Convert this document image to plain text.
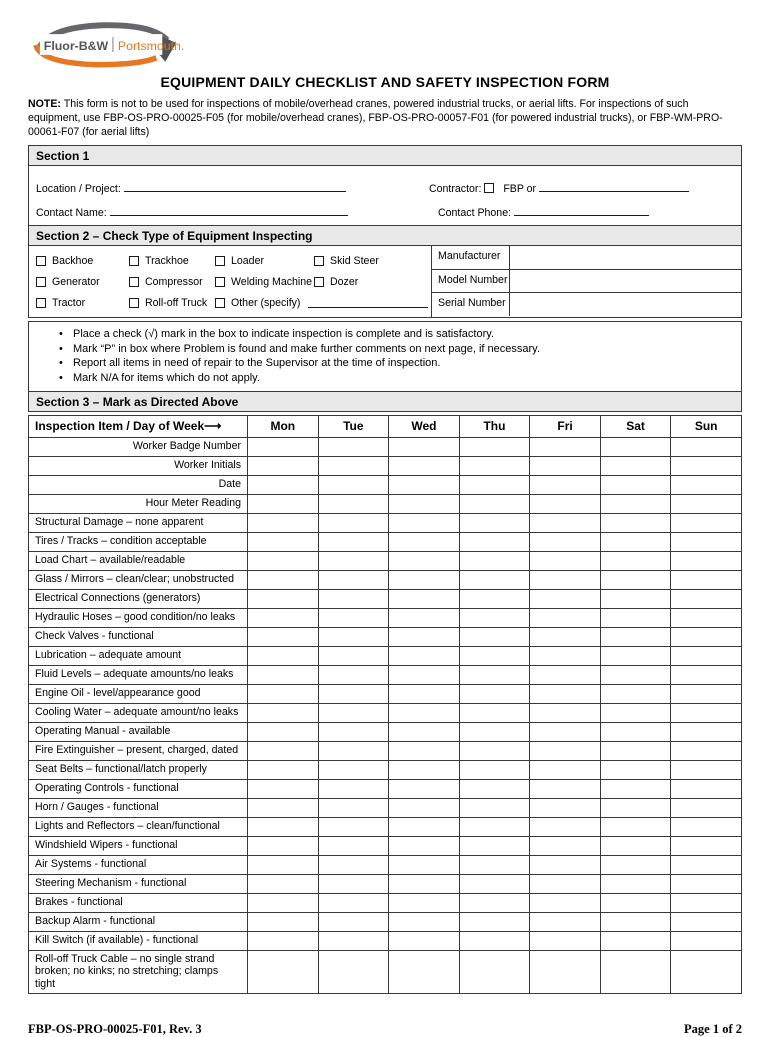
Fluor-B&W Portsmouth.
EQUIPMENT DAILY CHECKLIST AND SAFETY INSPECTION FORM
NOTE: This form is not to be used for inspections of mobile/overhead cranes, powered industrial trucks, or aerial lifts. For inspections of such equipment, use FBP-OS-PRO-00025-F05 (for mobile/overhead cranes), FBP-OS-PRO-00057-F01 (for powered industrial trucks), or FBP-WM-PRO-00061-F07 (for aerial lifts)
Section 1
Location / Project:	Contractor: FBP or
Contact Name:	Contact Phone:
Section 2 – Check Type of Equipment Inspecting
Backhoe	Trackhoe	Loader	Skid Steer
Generator	Compressor	Welding Machine Dozer
Tractor	Roll-off Truck Other (specify)
Manufacturer
Model Number
Serial Number
• Place a check (√) mark in the box to indicate inspection is complete and is satisfactory.
• Mark “P” in box where Problem is found and make further comments on next page, if necessary.
• Report all items in need of repair to the Supervisor at the time of inspection.
• Mark N/A for items which do not apply.
Section 3 – Mark as Directed Above
Inspection Item / Day of Week⟶	Mon	Tue	Wed	Thu	Fri	Sat	Sun
Worker Badge Number							
Worker Initials							
Date							
Hour Meter Reading							
Structural Damage – none apparent							
Tires / Tracks – condition acceptable							
Load Chart – available/readable							
Glass / Mirrors – clean/clear; unobstructed							
Electrical Connections (generators)							
Hydraulic Hoses – good condition/no leaks							
Check Valves - functional							
Lubrication – adequate amount							
Fluid Levels – adequate amounts/no leaks							
Engine Oil - level/appearance good							
Cooling Water – adequate amount/no leaks							
Operating Manual - available							
Fire Extinguisher – present, charged, dated							
Seat Belts – functional/latch properly							
Operating Controls - functional							
Horn / Gauges - functional							
Lights and Reflectors – clean/functional							
Windshield Wipers - functional							
Air Systems - functional							
Steering Mechanism - functional							
Brakes - functional							
Backup Alarm - functional							
Kill Switch (if available) - functional							
Roll-off Truck Cable – no single strand broken; no kinks; no stretching; clamps tight							
FBP-OS-PRO-00025-F01, Rev. 3	Page 1 of 2
